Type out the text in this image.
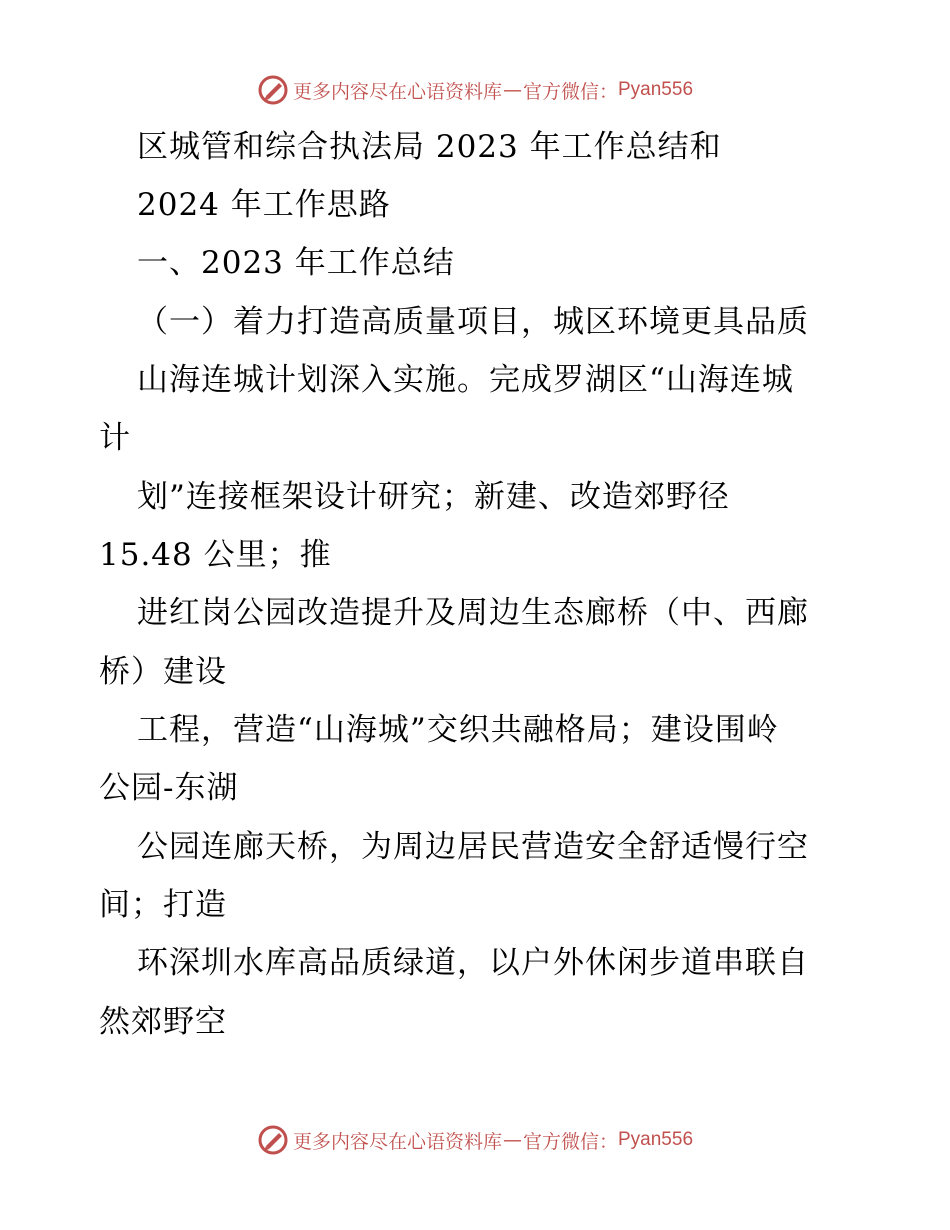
更多内容尽在心语资料库 — 官方微信： Pyan556
区城管和综合执法局 2023 年工作总结和
2024 年工作思路
一、2023 年工作总结
（一）着力打造高质量项目，城区环境更具品质
山海连城计划深入实施。完成罗湖区“山海连城
计
划”连接框架设计研究；新建、改造郊野径
15.48 公里；推
进红岗公园改造提升及周边生态廊桥（中、西廊
桥）建设
工程，营造“山海城”交织共融格局；建设围岭
公园-东湖
公园连廊天桥，为周边居民营造安全舒适慢行空
间；打造
环深圳水库高品质绿道，以户外休闲步道串联自
然郊野空
更多内容尽在心语资料库 — 官方微信： Pyan556
